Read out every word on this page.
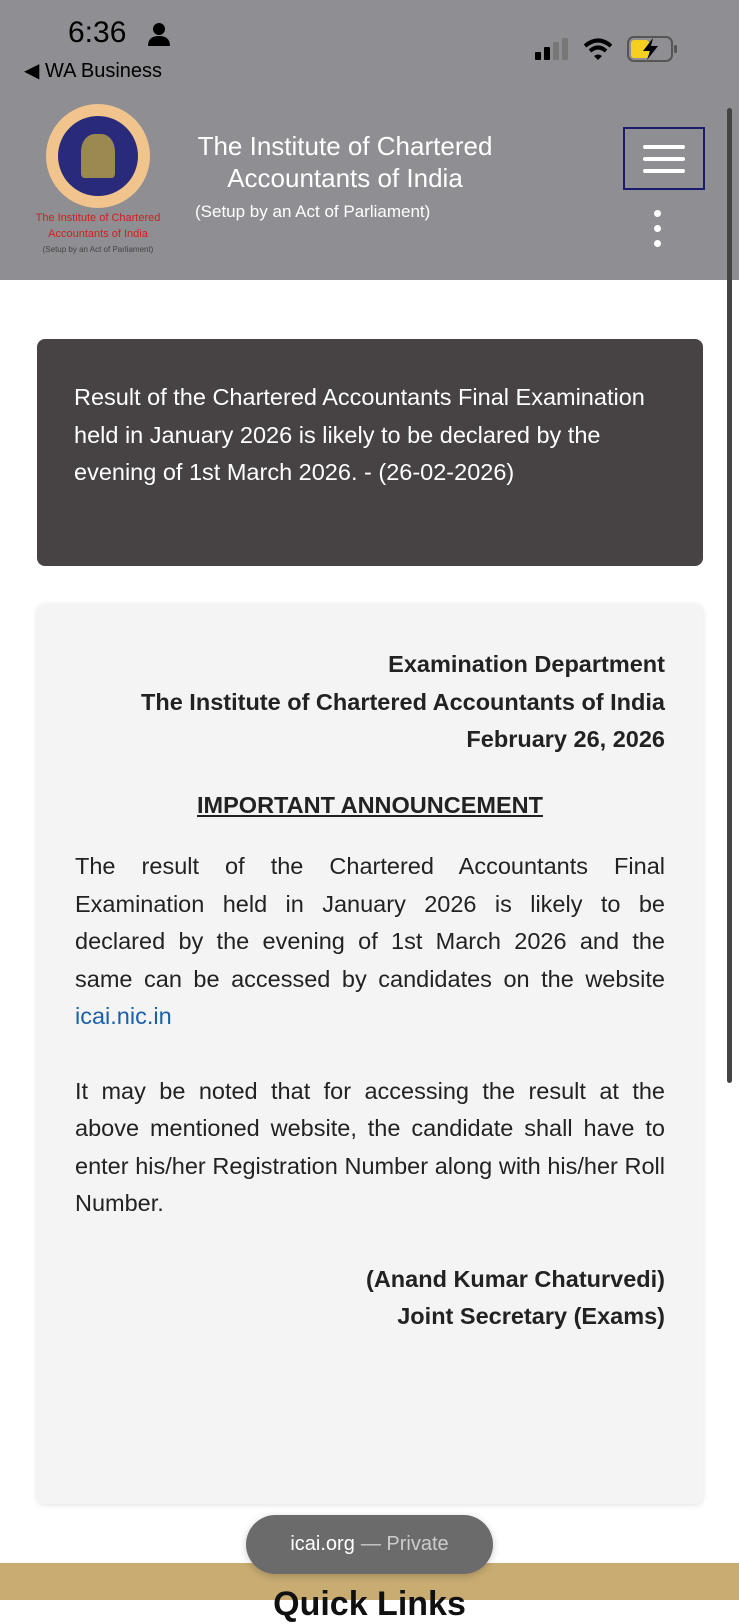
6:36
◀ WA Business
The Institute of Chartered
Accountants of India
(Setup by an Act of Parliament)
The Institute of Chartered
Accountants of India
(Setup by an Act of Parliament)
Result of the Chartered Accountants Final Examination held in January 2026 is likely to be declared by the evening of 1st March 2026. - (26-02-2026)
Examination Department
The Institute of Chartered Accountants of India
February 26, 2026
IMPORTANT ANNOUNCEMENT

The result of the Chartered Accountants Final Examination held in January 2026 is likely to be declared by the evening of 1st March 2026 and the same can be accessed by candidates on the website icai.nic.in

It may be noted that for accessing the result at the above mentioned website, the candidate shall have to enter his/her Registration Number along with his/her Roll Number.

(Anand Kumar Chaturvedi)
Joint Secretary (Exams)
Quick Links
icai.org — Private
